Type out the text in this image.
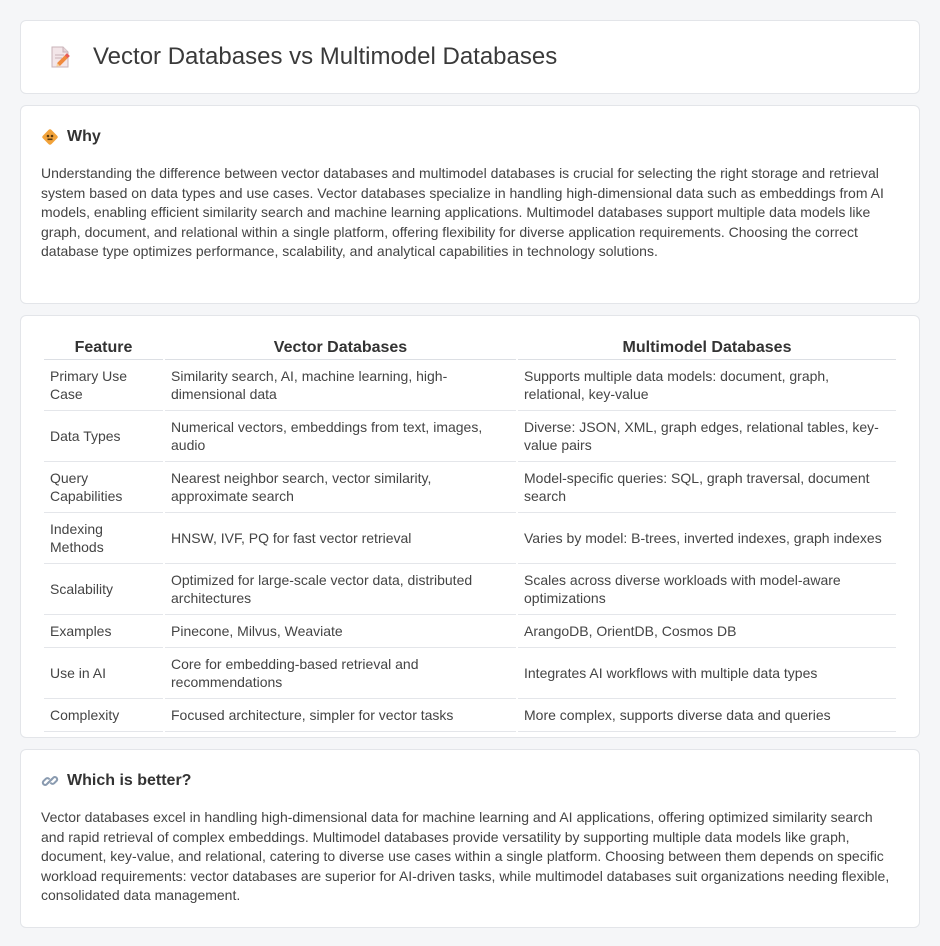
Vector Databases vs Multimodel Databases
Why

Understanding the difference between vector databases and multimodel databases is crucial for selecting the right storage and retrieval system based on data types and use cases. Vector databases specialize in handling high-dimensional data such as embeddings from AI models, enabling efficient similarity search and machine learning applications. Multimodel databases support multiple data models like graph, document, and relational within a single platform, offering flexibility for diverse application requirements. Choosing the correct database type optimizes performance, scalability, and analytical capabilities in technology solutions.

Feature	Vector Databases	Multimodel Databases
Primary Use Case	Similarity search, AI, machine learning, high-dimensional data	Supports multiple data models: document, graph, relational, key-value
Data Types	Numerical vectors, embeddings from text, images, audio	Diverse: JSON, XML, graph edges, relational tables, key-value pairs
Query Capabilities	Nearest neighbor search, vector similarity, approximate search	Model-specific queries: SQL, graph traversal, document search
Indexing Methods	HNSW, IVF, PQ for fast vector retrieval	Varies by model: B-trees, inverted indexes, graph indexes
Scalability	Optimized for large-scale vector data, distributed architectures	Scales across diverse workloads with model-aware optimizations
Examples	Pinecone, Milvus, Weaviate	ArangoDB, OrientDB, Cosmos DB
Use in AI	Core for embedding-based retrieval and recommendations	Integrates AI workflows with multiple data types
Complexity	Focused architecture, simpler for vector tasks	More complex, supports diverse data and queries
Which is better?

Vector databases excel in handling high-dimensional data for machine learning and AI applications, offering optimized similarity search and rapid retrieval of complex embeddings. Multimodel databases provide versatility by supporting multiple data models like graph, document, key-value, and relational, catering to diverse use cases within a single platform. Choosing between them depends on specific workload requirements: vector databases are superior for AI-driven tasks, while multimodel databases suit organizations needing flexible, consolidated data management.
